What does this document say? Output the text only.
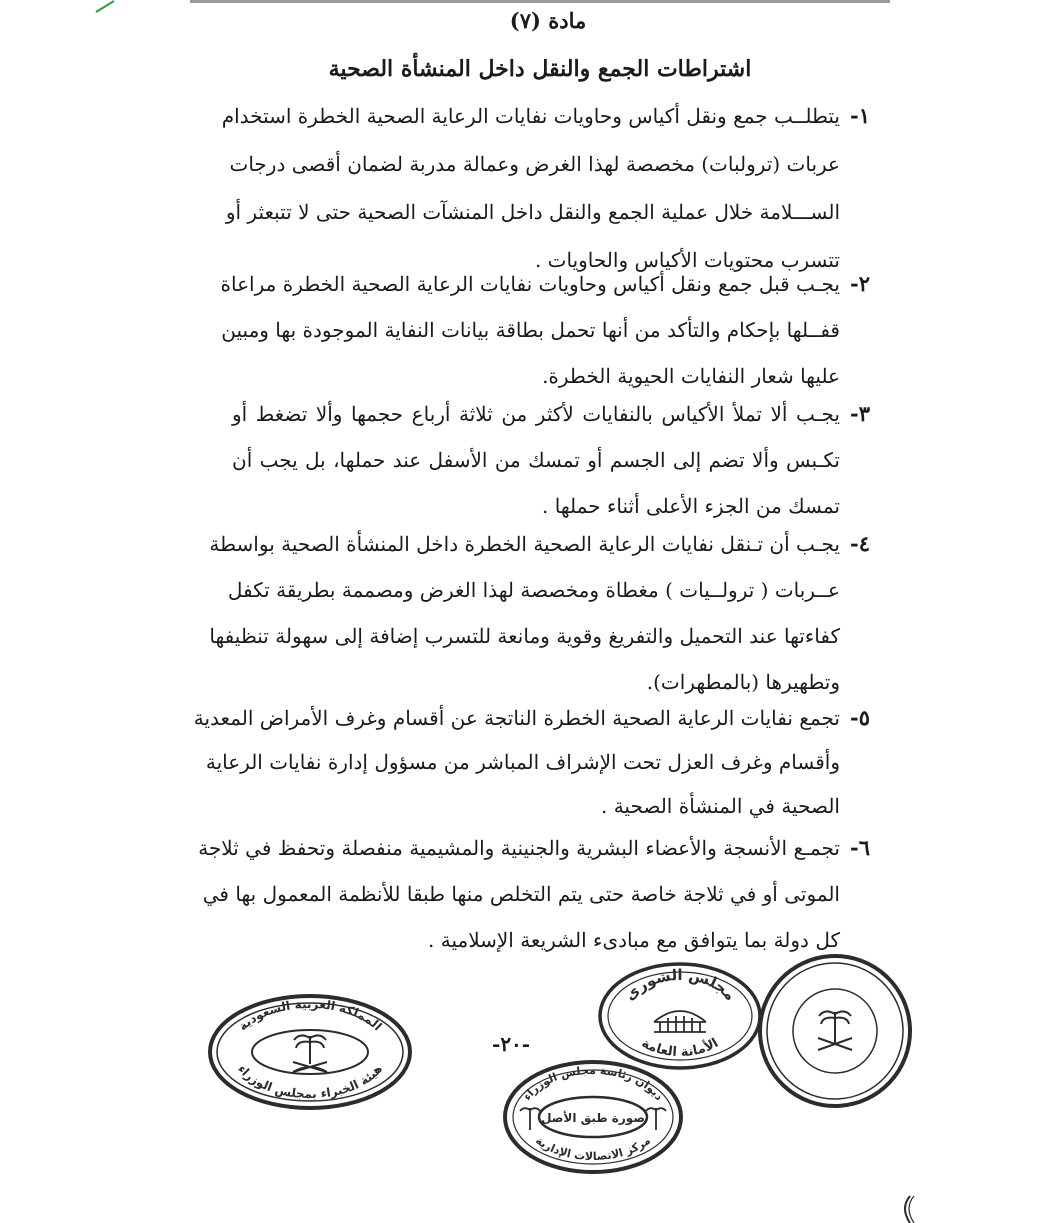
مادة (٧)
اشتراطات الجمع والنقل داخل المنشأة الصحية
١-
يتطلــب جمع ونقل أكياس وحاويات نفايات الرعاية الصحية الخطرة استخدام
عربات (ترولبات) مخصصة لهذا الغرض وعمالة مدربة لضمان أقصى درجات
الســـلامة خلال عملية الجمع والنقل داخل المنشآت الصحية حتى لا تتبعثر أو
تتسرب محتويات الأكياس والحاويات .
٢-
يجـب قبل جمع ونقل أكياس وحاويات نفايات الرعاية الصحية الخطرة مراعاة
قفــلها بإحكام والتأكد من أنها تحمل بطاقة بيانات النفاية الموجودة بها ومبين
عليها شعار النفايات الحيوية الخطرة.
٣-
يجـب ألا تملأ الأكياس بالنفايات لأكثر من ثلاثة أرباع حجمها وألا تضغط أو
تكـبس وألا تضم إلى الجسم أو تمسك من الأسفل عند حملها، بل يجب أن
تمسك من الجزء الأعلى أثناء حملها .
٤-
يجـب أن تـنقل نفايات الرعاية الصحية الخطرة داخل المنشأة الصحية بواسطة
عــربات ( ترولــيات ) مغطاة ومخصصة لهذا الغرض ومصممة بطريقة تكفل
كفاءتها عند التحميل والتفريغ وقوية ومانعة للتسرب إضافة إلى سهولة تنظيفها
وتطهيرها (بالمطهرات).
٥-
تجمع نفايات الرعاية الصحية الخطرة الناتجة عن أقسام وغرف الأمراض المعدية
وأقسام وغرف العزل تحت الإشراف المباشر من مسؤول إدارة نفايات الرعاية
الصحية في المنشأة الصحية .
٦-
تجمـع الأنسجة والأعضاء البشرية والجنينية والمشيمية منفصلة وتحفظ في ثلاجة
الموتى أو في ثلاجة خاصة حتى يتم التخلص منها طبقا للأنظمة المعمول بها في
كل دولة بما يتوافق مع مبادىء الشريعة الإسلامية .
-٢٠-
المملكة العربية السعودية
هيئة الخبراء بمجلس الوزراء
مجلس الشورى
الأمانة العامة
ديوان رئاسة مجلس الوزراء
صورة طبق الأصل
مركز الاتصالات الإدارية
